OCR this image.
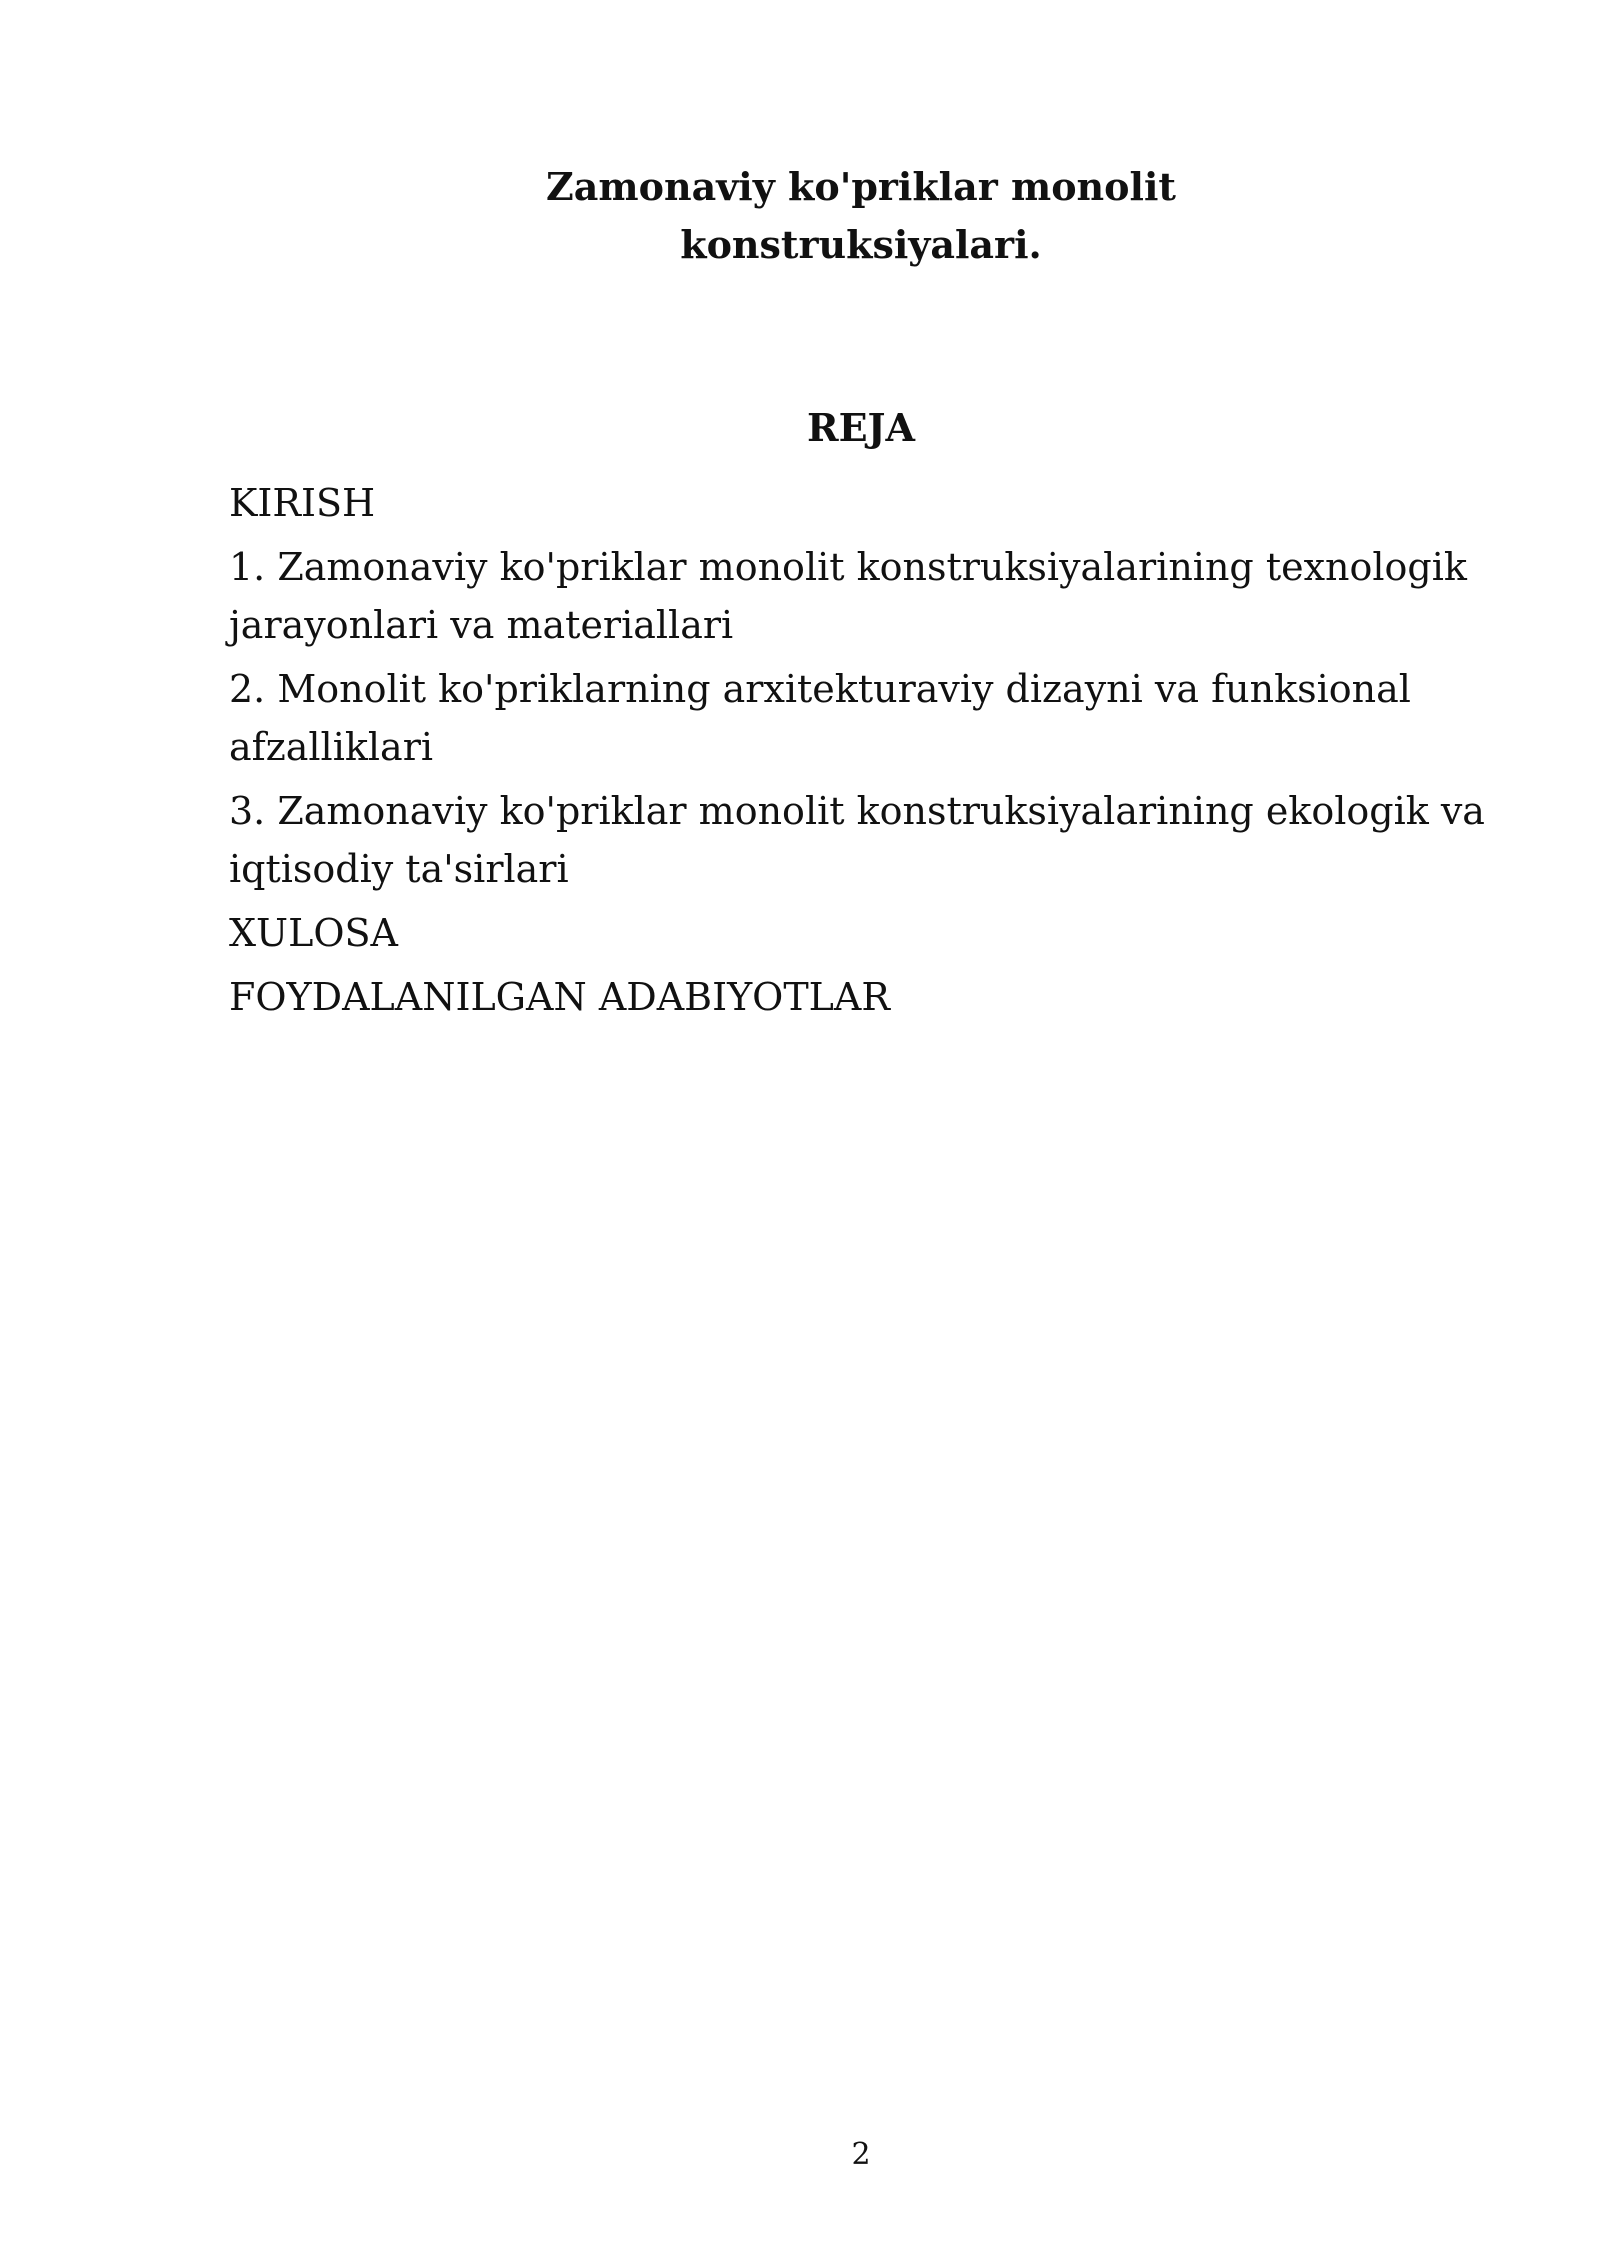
Zamonaviy ko'priklar monolit
konstruksiyalari.
REJA
KIRISH
1. Zamonaviy ko'priklar monolit konstruksiyalarining texnologik jarayonlari va materiallari
2. Monolit ko'priklarning arxitekturaviy dizayni va funksional afzalliklari
3. Zamonaviy ko'priklar monolit konstruksiyalarining ekologik va iqtisodiy ta'sirlari
XULOSA
FOYDALANILGAN ADABIYOTLAR
2
